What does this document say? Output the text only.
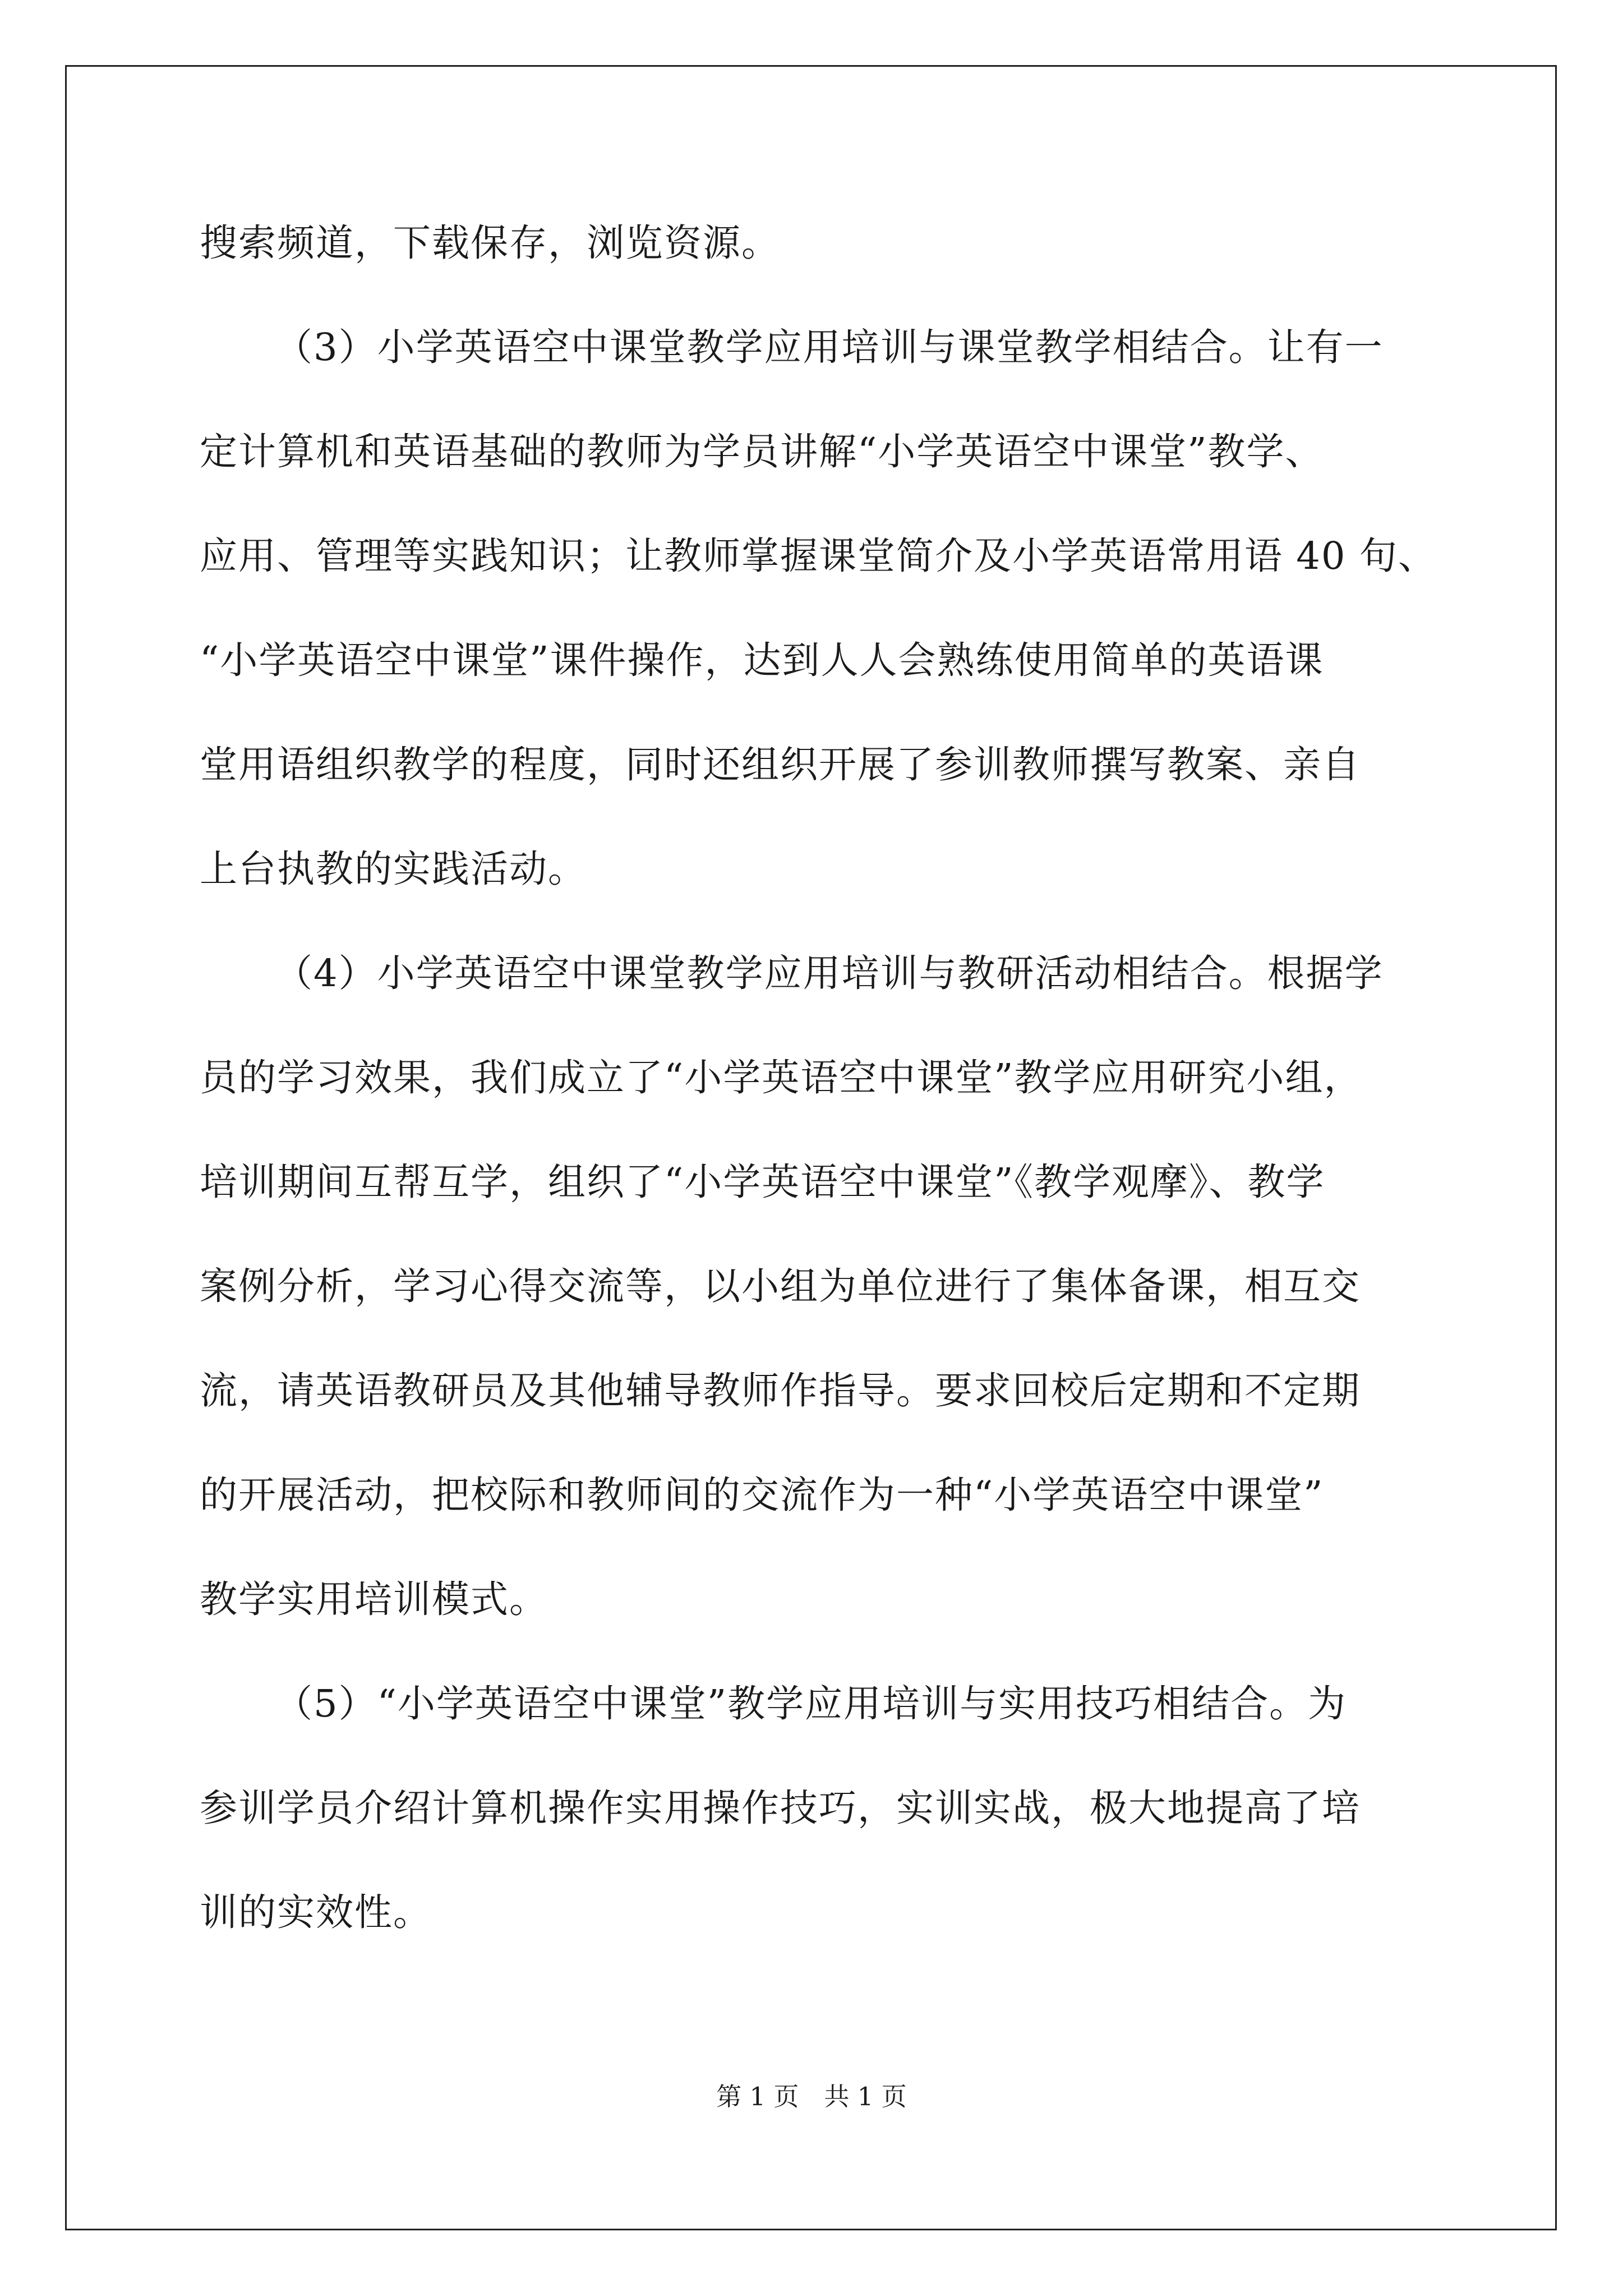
搜索频道，下载保存，浏览资源。
（3）小学英语空中课堂教学应用培训与课堂教学相结合。让有一
定计算机和英语基础的教师为学员讲解“小学英语空中课堂”教学、
应用、管理等实践知识；让教师掌握课堂简介及小学英语常用语 40 句、
“小学英语空中课堂”课件操作，达到人人会熟练使用简单的英语课
堂用语组织教学的程度，同时还组织开展了参训教师撰写教案、亲自
上台执教的实践活动。
（4）小学英语空中课堂教学应用培训与教研活动相结合。根据学
员的学习效果，我们成立了“小学英语空中课堂”教学应用研究小组，
培训期间互帮互学，组织了“小学英语空中课堂”《教学观摩》、教学
案例分析，学习心得交流等，以小组为单位进行了集体备课，相互交
流，请英语教研员及其他辅导教师作指导。要求回校后定期和不定期
的开展活动，把校际和教师间的交流作为一种“小学英语空中课堂”
教学实用培训模式。
（5）“小学英语空中课堂”教学应用培训与实用技巧相结合。为
参训学员介绍计算机操作实用操作技巧，实训实战，极大地提高了培
训的实效性。
第 1 页　共 1 页
